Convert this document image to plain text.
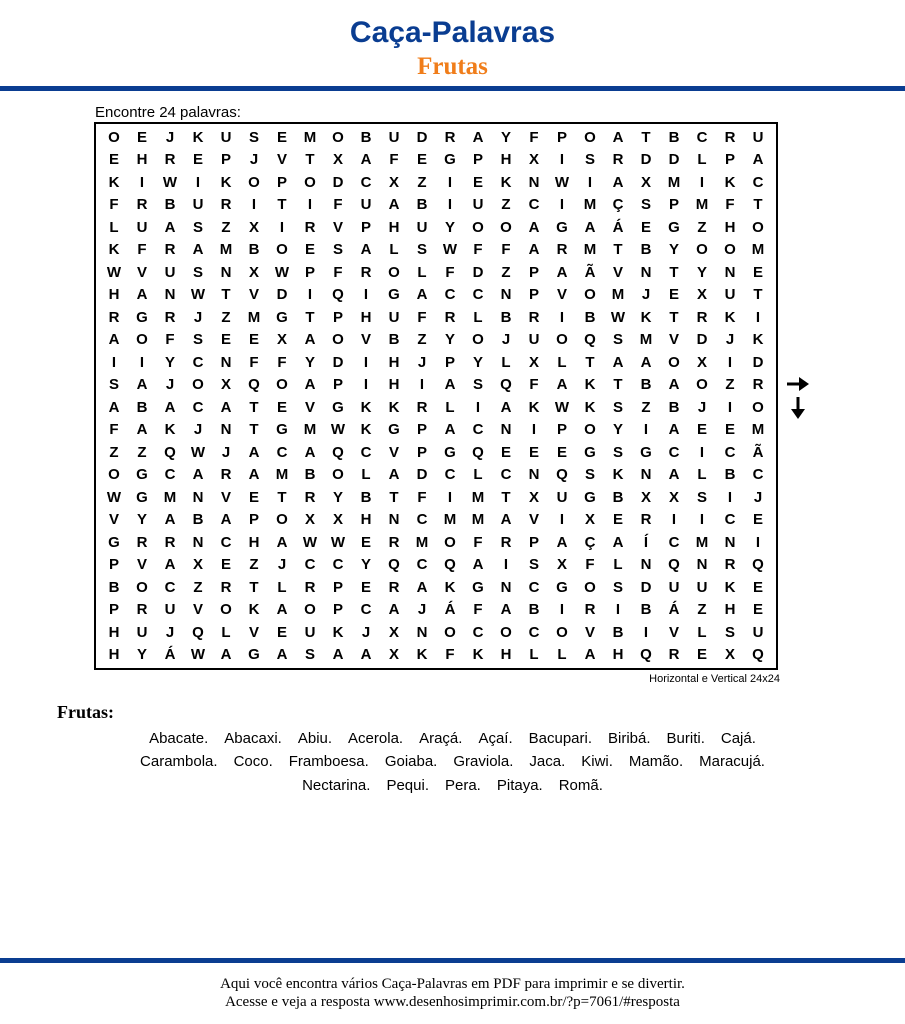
Caça-Palavras
Frutas
Encontre 24 palavras:
O	E	J	K	U	S	E	M	O	B	U	D	R	A	Y	F	P	O	A	T	B	C	R	U
E	H	R	E	P	J	V	T	X	A	F	E	G	P	H	X	I	S	R	D	D	L	P	A
K	I	W	I	K	O	P	O	D	C	X	Z	I	E	K	N	W	I	A	X	M	I	K	C
F	R	B	U	R	I	T	I	F	U	A	B	I	U	Z	C	I	M	Ç	S	P	M	F	T
L	U	A	S	Z	X	I	R	V	P	H	U	Y	O	O	A	G	A	Á	E	G	Z	H	O
K	F	R	A	M	B	O	E	S	A	L	S	W	F	F	A	R	M	T	B	Y	O	O	M
W	V	U	S	N	X	W	P	F	R	O	L	F	D	Z	P	A	Ã	V	N	T	Y	N	E
H	A	N	W	T	V	D	I	Q	I	G	A	C	C	N	P	V	O	M	J	E	X	U	T
R	G	R	J	Z	M	G	T	P	H	U	F	R	L	B	R	I	B	W	K	T	R	K	I
A	O	F	S	E	E	X	A	O	V	B	Z	Y	O	J	U	O	Q	S	M	V	D	J	K
I	I	Y	C	N	F	F	Y	D	I	H	J	P	Y	L	X	L	T	A	A	O	X	I	D
S	A	J	O	X	Q	O	A	P	I	H	I	A	S	Q	F	A	K	T	B	A	O	Z	R
A	B	A	C	A	T	E	V	G	K	K	R	L	I	A	K	W	K	S	Z	B	J	I	O
F	A	K	J	N	T	G	M W	K	G	P	A	C	N	I	P	O	Y	I	A	E	E	M
Z	Z	Q	W	J	A	C	A	Q	C	V	P	G	Q	E	E	E	G	S	G	C	I	C	Ã
O	G	C	A	R	A	M	B	O	L	A	D	C	L	C	N	Q	S	K	N	A	L	B	C
W	G	M	N	V	E	T	R	Y	B	T	F	I	M	T	X	U	G	B	X	X	S	I	J
V	Y	A	B	A	P	O	X	X	H	N	C	M	M	A	V	I	X	E	R	I	I	C	E
G	R	R	N	C	H	A	W W	E	R	M	O	F	R	P	A	Ç	A	Í	C	M	N	I
P	V	A	X	E	Z	J	C	C	Y	Q	C	Q	A	I	S	X	F	L	N	Q	N	R	Q
B	O	C	Z	R	T	L	R	P	E	R	A	K	G	N	C	G	O	S	D	U	U	K	E
P	R	U	V	O	K	A	O	P	C	A	J	Á	F	A	B	I	R	I	B	Á	Z	H	E
H	U	J	Q	L	V	E	U	K	J	X	N	O	C	O	C	O	V	B	I	V	L	S	U
H	Y	Á	W	A	G	A	S	A	A	X	K	F	K	H	L	L	A	H	Q	R	E	X	Q
Horizontal e Vertical 24x24
Frutas:
Abacate. Abacaxi. Abiu. Acerola. Araçá. Açaí. Bacupari. Biribá. Buriti. Cajá.
Carambola. Coco. Framboesa. Goiaba. Graviola. Jaca. Kiwi. Mamão. Maracujá.
Nectarina. Pequi. Pera. Pitaya. Romã.
Aqui você encontra vários Caça-Palavras em PDF para imprimir e se divertir.
Acesse e veja a resposta www.desenhosimprimir.com.br/?p=7061/#resposta
